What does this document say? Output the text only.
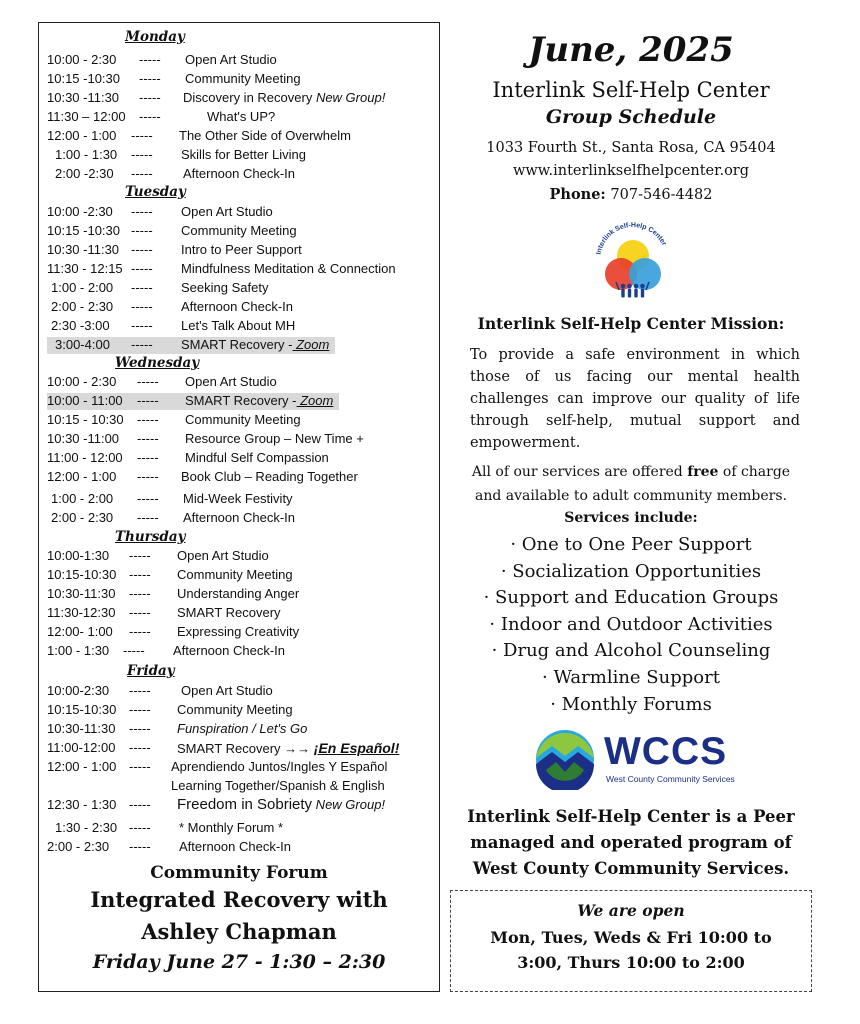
Monday
10:00 - 2:30 ----- Open Art Studio
10:15 -10:30 ----- Community Meeting
10:30 -11:30 ----- Discovery in Recovery New Group!
11:30 – 12:00 -----	What's UP?
12:00 - 1:00 ----- The Other Side of Overwhelm
1:00 - 1:30 ----- Skills for Better Living
2:00 -2:30 ----- Afternoon Check-In
Tuesday
10:00 -2:30 ----- Open Art Studio
10:15 -10:30 ----- Community Meeting
10:30 -11:30 ----- Intro to Peer Support
11:30 - 12:15 ----- Mindfulness Meditation & Connection
1:00 - 2:00 ----- Seeking Safety
2:00 - 2:30 ----- Afternoon Check-In
2:30 -3:00 ----- Let's Talk About MH
3:00-4:00 ----- SMART Recovery - Zoom
Wednesday
10:00 - 2:30 ----- Open Art Studio
10:00 - 11:00 ----- SMART Recovery - Zoom
10:15 - 10:30 ----- Community Meeting
10:30 -11:00 ----- Resource Group – New Time +
11:00 - 12:00 ----- Mindful Self Compassion
12:00 - 1:00 ----- Book Club – Reading Together
1:00 - 2:00 ----- Mid-Week Festivity
2:00 - 2:30 ----- Afternoon Check-In
Thursday
10:00-1:30 ----- Open Art Studio
10:15-10:30 ----- Community Meeting
10:30-11:30 ----- Understanding Anger
11:30-12:30 ----- SMART Recovery
12:00- 1:00 ----- Expressing Creativity
1:00 - 1:30 ----- Afternoon Check-In
Friday
10:00-2:30 ----- Open Art Studio
10:15-10:30 ----- Community Meeting
10:30-11:30 ----- Funspiration / Let's Go
11:00-12:00 ----- SMART Recovery →→ ¡En Español!
12:00 - 1:00 ----- Aprendiendo Juntos/Ingles Y Español
Learning Together/Spanish & English
12:30 - 1:30 ----- Freedom in Sobriety New Group!
1:30 - 2:30 ----- * Monthly Forum *
2:00 - 2:30 ----- Afternoon Check-In
Community Forum
Integrated Recovery with
Ashley Chapman
Friday June 27 - 1:30 – 2:30
June, 2025
Interlink Self-Help Center
Group Schedule
1033 Fourth St., Santa Rosa, CA 95404
www.interlinkselfhelpcenter.org
Phone: 707-546-4482
Interlink Self-Help Center
Interlink Self-Help Center Mission:
To provide a safe environment in which
those of us facing our mental health
challenges can improve our quality of life
through self-help, mutual support and
empowerment.
All of our services are offered free of charge
and available to adult community members.
Services include:
· One to One Peer Support
· Socialization Opportunities
· Support and Education Groups
· Indoor and Outdoor Activities
· Drug and Alcohol Counseling
· Warmline Support
· Monthly Forums
WCCS
West County Community Services
Interlink Self-Help Center is a Peer
managed and operated program of
West County Community Services.
We are open
Mon, Tues, Weds & Fri 10:00 to
3:00, Thurs 10:00 to 2:00
